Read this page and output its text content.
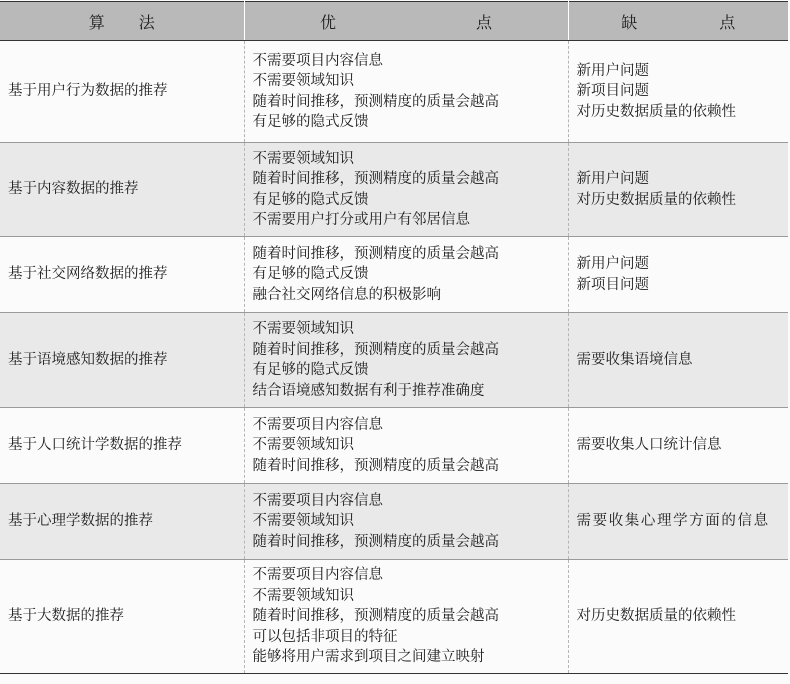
算 法	优 点	缺 点
基于用户行为数据的推荐	不需要项目内容信息
不需要领域知识
随着时间推移，预测精度的质量会越高
有足够的隐式反馈	新用户问题
新项目问题
对历史数据质量的依赖性

基于内容数据的推荐	不需要领域知识
随着时间推移，预测精度的质量会越高
有足够的隐式反馈
不需要用户打分或用户有邻居信息	新用户问题
对历史数据质量的依赖性

基于社交网络数据的推荐	随着时间推移，预测精度的质量会越高
有足够的隐式反馈
融合社交网络信息的积极影响	新用户问题
新项目问题

基于语境感知数据的推荐	不需要领域知识
随着时间推移，预测精度的质量会越高
有足够的隐式反馈
结合语境感知数据有利于推荐准确度	需要收集语境信息

基于人口统计学数据的推荐	不需要项目内容信息
不需要领域知识
随着时间推移，预测精度的质量会越高	需要收集人口统计信息

基于心理学数据的推荐	不需要项目内容信息
不需要领域知识
随着时间推移，预测精度的质量会越高	需要收集心理学方面的信息

基于大数据的推荐	不需要项目内容信息
不需要领域知识
随着时间推移，预测精度的质量会越高
可以包括非项目的特征
能够将用户需求到项目之间建立映射	对历史数据质量的依赖性
